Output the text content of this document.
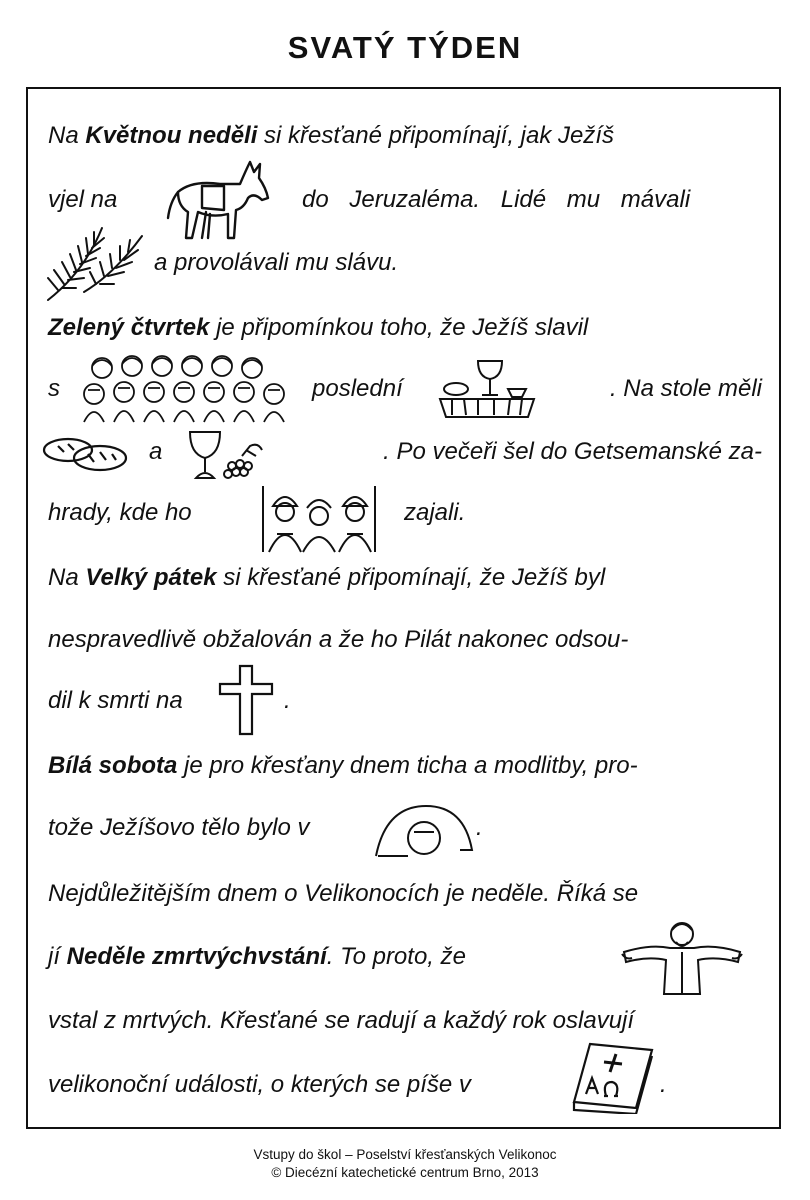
SVATÝ TÝDEN
Na Květnou neděli si křesťané připomínají, jak Ježíš
vjel na	do Jeruzaléma. Lidé mu mávali
a provolávali mu slávu.
Zelený čtvrtek je připomínkou toho, že Ježíš slavil
s	poslední	. Na stole měli
a	. Po večeři šel do Getsemanské za-
hrady, kde ho	zajali.
Na Velký pátek si křesťané připomínají, že Ježíš byl
nespravedlivě obžalován a že ho Pilát nakonec odsou-
dil k smrti na	.
Bílá sobota je pro křesťany dnem ticha a modlitby, pro-
tože Ježíšovo tělo bylo v	.
Nejdůležitějším dnem o Velikonocích je neděle. Říká se
jí Neděle zmrtvýchvstání. To proto, že
vstal z mrtvých. Křesťané se radují a každý rok oslavují
velikonoční události, o kterých se píše v	.
Vstupy do škol – Poselství křesťanských Velikonoc
© Diecézní katechetické centrum Brno, 2013
